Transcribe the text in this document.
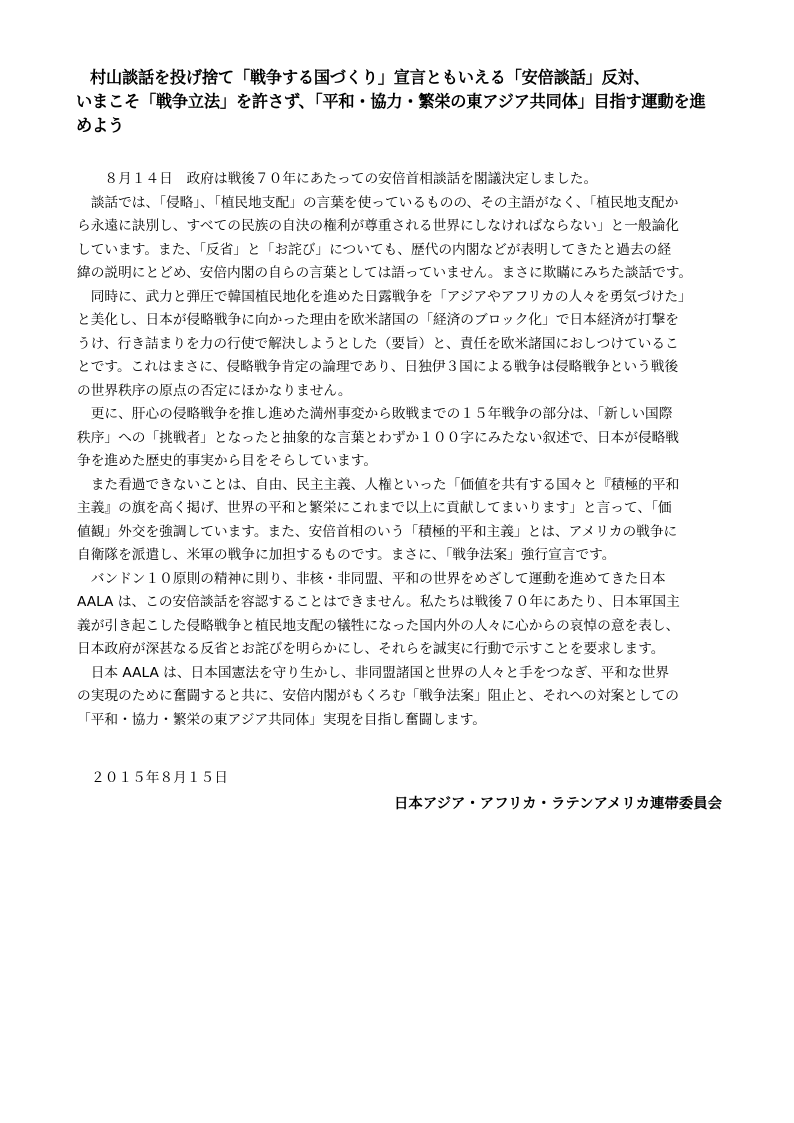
村山談話を投げ捨て「戦争する国づくり」宣言ともいえる「安倍談話」反対、
いまこそ「戦争立法」を許さず、「平和・協力・繁栄の東アジア共同体」目指す運動を進
めよう
　　８月１４日　政府は戦後７０年にあたっての安倍首相談話を閣議決定しました。
　談話では、「侵略」、「植民地支配」の言葉を使っているものの、その主語がなく、「植民地支配か
ら永遠に訣別し、すべての民族の自決の権利が尊重される世界にしなければならない」と一般論化
しています。また、「反省」と「お詫び」についても、歴代の内閣などが表明してきたと過去の経
緯の説明にとどめ、安倍内閣の自らの言葉としては語っていません。まさに欺瞞にみちた談話です。
　同時に、武力と弾圧で韓国植民地化を進めた日露戦争を「アジアやアフリカの人々を勇気づけた」
と美化し、日本が侵略戦争に向かった理由を欧米諸国の「経済のブロック化」で日本経済が打撃を
うけ、行き詰まりを力の行使で解決しようとした（要旨）と、責任を欧米諸国におしつけているこ
とです。これはまさに、侵略戦争肯定の論理であり、日独伊３国による戦争は侵略戦争という戦後
の世界秩序の原点の否定にほかなりません。
　更に、肝心の侵略戦争を推し進めた満州事変から敗戦までの１５年戦争の部分は、「新しい国際
秩序」への「挑戦者」となったと抽象的な言葉とわずか１００字にみたない叙述で、日本が侵略戦
争を進めた歴史的事実から目をそらしています。
　また看過できないことは、自由、民主主義、人権といった「価値を共有する国々と『積極的平和
主義』の旗を高く掲げ、世界の平和と繁栄にこれまで以上に貢献してまいります」と言って、「価
値観」外交を強調しています。また、安倍首相のいう「積極的平和主義」とは、アメリカの戦争に
自衛隊を派遣し、米軍の戦争に加担するものです。まさに、「戦争法案」強行宣言です。
　バンドン１０原則の精神に則り、非核・非同盟、平和の世界をめざして運動を進めてきた日本
AALA は、この安倍談話を容認することはできません。私たちは戦後７０年にあたり、日本軍国主
義が引き起こした侵略戦争と植民地支配の犠牲になった国内外の人々に心からの哀悼の意を表し、
日本政府が深甚なる反省とお詫びを明らかにし、それらを誠実に行動で示すことを要求します。
　日本 AALA は、日本国憲法を守り生かし、非同盟諸国と世界の人々と手をつなぎ、平和な世界
の実現のために奮闘すると共に、安倍内閣がもくろむ「戦争法案」阻止と、それへの対案としての
「平和・協力・繁栄の東アジア共同体」実現を目指し奮闘します。
２０１５年８月１５日
日本アジア・アフリカ・ラテンアメリカ連帯委員会
